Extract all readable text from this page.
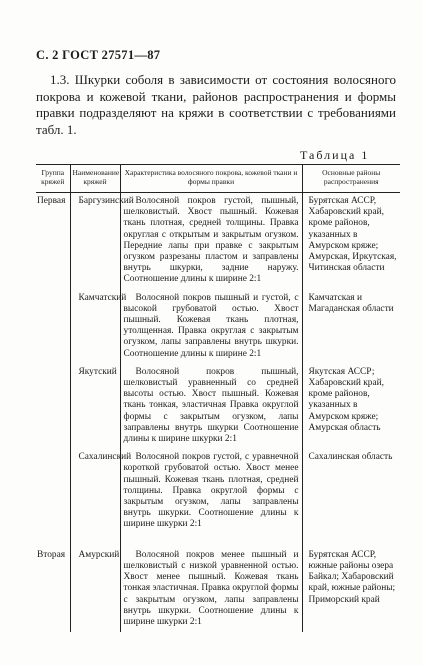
С. 2 ГОСТ 27571—87
1.3. Шкурки соболя в зависимости от состояния волосяного покрова и кожевой ткани, районов распространения и формы правки подразделяют на кряжи в соответствии с требованиями табл. 1.
Таблица 1
Группа кряжей	Наименование кряжей	Характеристика волосяного покрова, кожевой ткани и формы правки	Основные районы распространения
Первая	Баргузинский	Волосяной покров густой, пышный, шелковистый. Хвост пышный. Кожевая ткань плотная, средней толщины. Правка округлая с открытым и закрытым огузком. Передние лапы при правке с закрытым огузком разрезаны пластом и заправлены внутрь шкурки, задние наружу. Соотношение длины к ширине 2:1	Бурятская АССР, Хабаровский край, кроме районов, указанных в Амурском кряже; Амурская, Иркутская, Читинская области
	Камчатский	Волосяной покров пышный и густой, с высокой грубоватой остью. Хвост пышный. Кожевая ткань плотная, утолщенная. Правка округлая с закрытым огузком, лапы заправлены внутрь шкурки. Соотношение длины к ширине 2:1	Камчатская и Магаданская области
	Якутский	Волосяной покров пышный, шелковистый уравненный со средней высоты остью. Хвост пышный. Кожевая ткань тонкая, эластичная Правка округлой формы с закрытым огузком, лапы заправлены внутрь шкурки Соотношение длины к ширине шкурки 2:1	Якутская АССР; Хабаровский край, кроме районов, указанных в Амурском кряже; Амурская область
	Сахалинский	Волосяной покров густой, с уравнечной короткой грубоватой остью. Хвост менее пышный. Кожевая ткань плотная, средней толщины. Правка округлой формы с закрытым огузком, лапы заправлены внутрь шкурки. Соотношение длины к ширине шкурки 2:1	Сахалинская область

Вторая	Амурский	Волосяной покров менее пышный и шелковистый с низкой уравненной остью. Хвост менее пышный. Кожевая ткань тонкая эластичная. Правка округлой формы с закрытым огузком, лапы заправлены внутрь шкурки. Соотношение длины к ширине шкурки 2:1	Бурятская АССР, южные районы озера Байкал; Хабаровский край, южные районы; Приморский край
